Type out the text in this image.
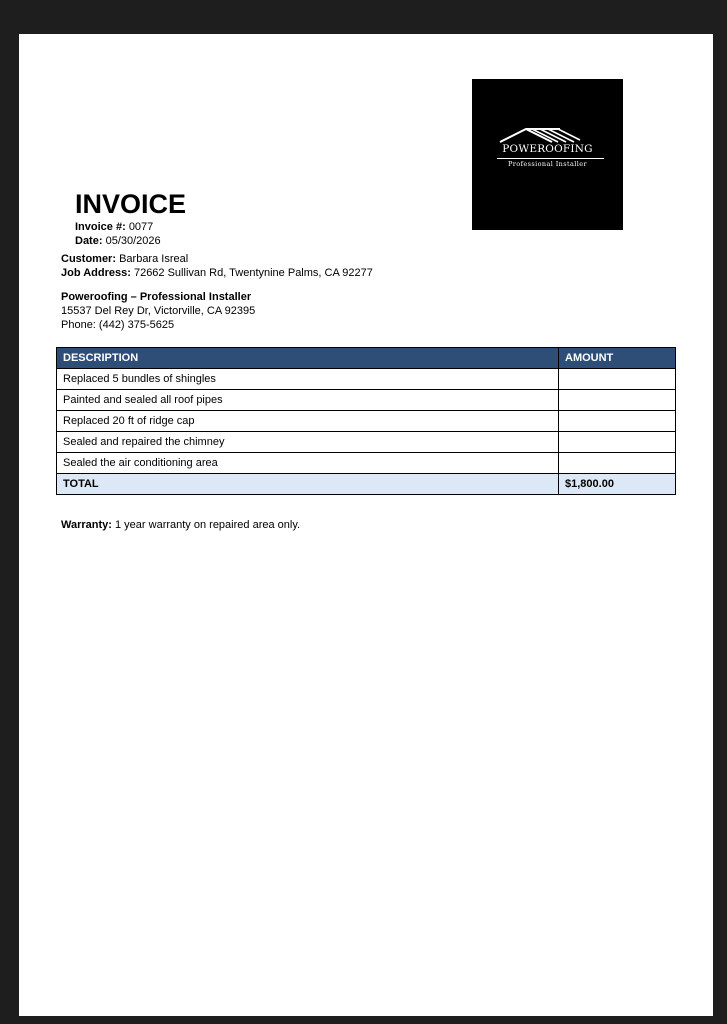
POWEROOFING
Professional Installer
INVOICE
Invoice #: 0077
Date: 05/30/2026
Customer: Barbara Isreal
Job Address: 72662 Sullivan Rd, Twentynine Palms, CA 92277
Poweroofing – Professional Installer
15537 Del Rey Dr, Victorville, CA 92395
Phone: (442) 375-5625
DESCRIPTION	AMOUNT
Replaced 5 bundles of shingles	
Painted and sealed all roof pipes	
Replaced 20 ft of ridge cap	
Sealed and repaired the chimney	
Sealed the air conditioning area	
TOTAL	$1,800.00
Warranty: 1 year warranty on repaired area only.
